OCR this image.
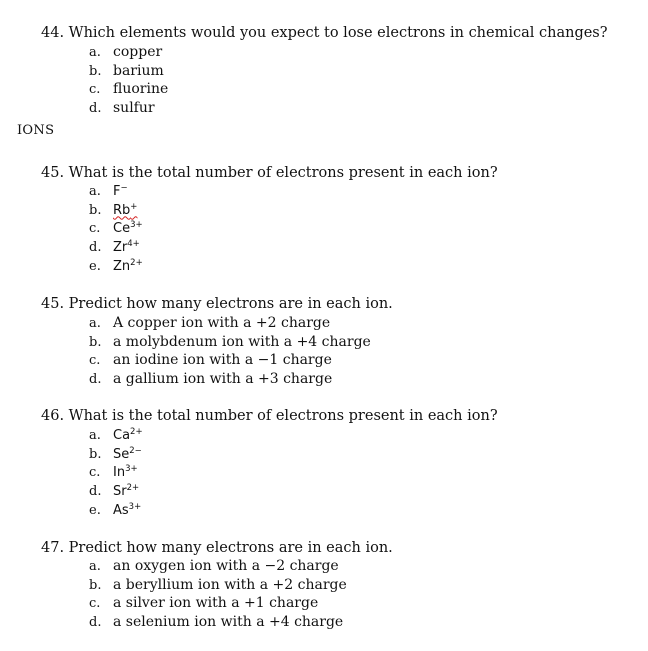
44. Which elements would you expect to lose electrons in chemical changes?
a. copper
b. barium
c. fluorine
d. sulfur
IONS
45. What is the total number of electrons present in each ion?
a. F−
b. Rb+
c. $Ce^{3+}$
d. $Zr^{4+}$
e. $Zn^{2+}$
45. Predict how many electrons are in each ion.
a. A copper ion with a +2 charge
b. a molybdenum ion with a +4 charge
c. an iodine ion with a −1 charge
d. a gallium ion with a +3 charge
46. What is the total number of electrons present in each ion?
a. $Ca^{2+}$
b. $Se^{2-}$
c. $In^{3+}$
d. $Sr^{2+}$
e. $As^{3+}$
47. Predict how many electrons are in each ion.
a. an oxygen ion with a −2 charge
b. a beryllium ion with a +2 charge
c. a silver ion with a +1 charge
d. a selenium ion with a +4 charge
